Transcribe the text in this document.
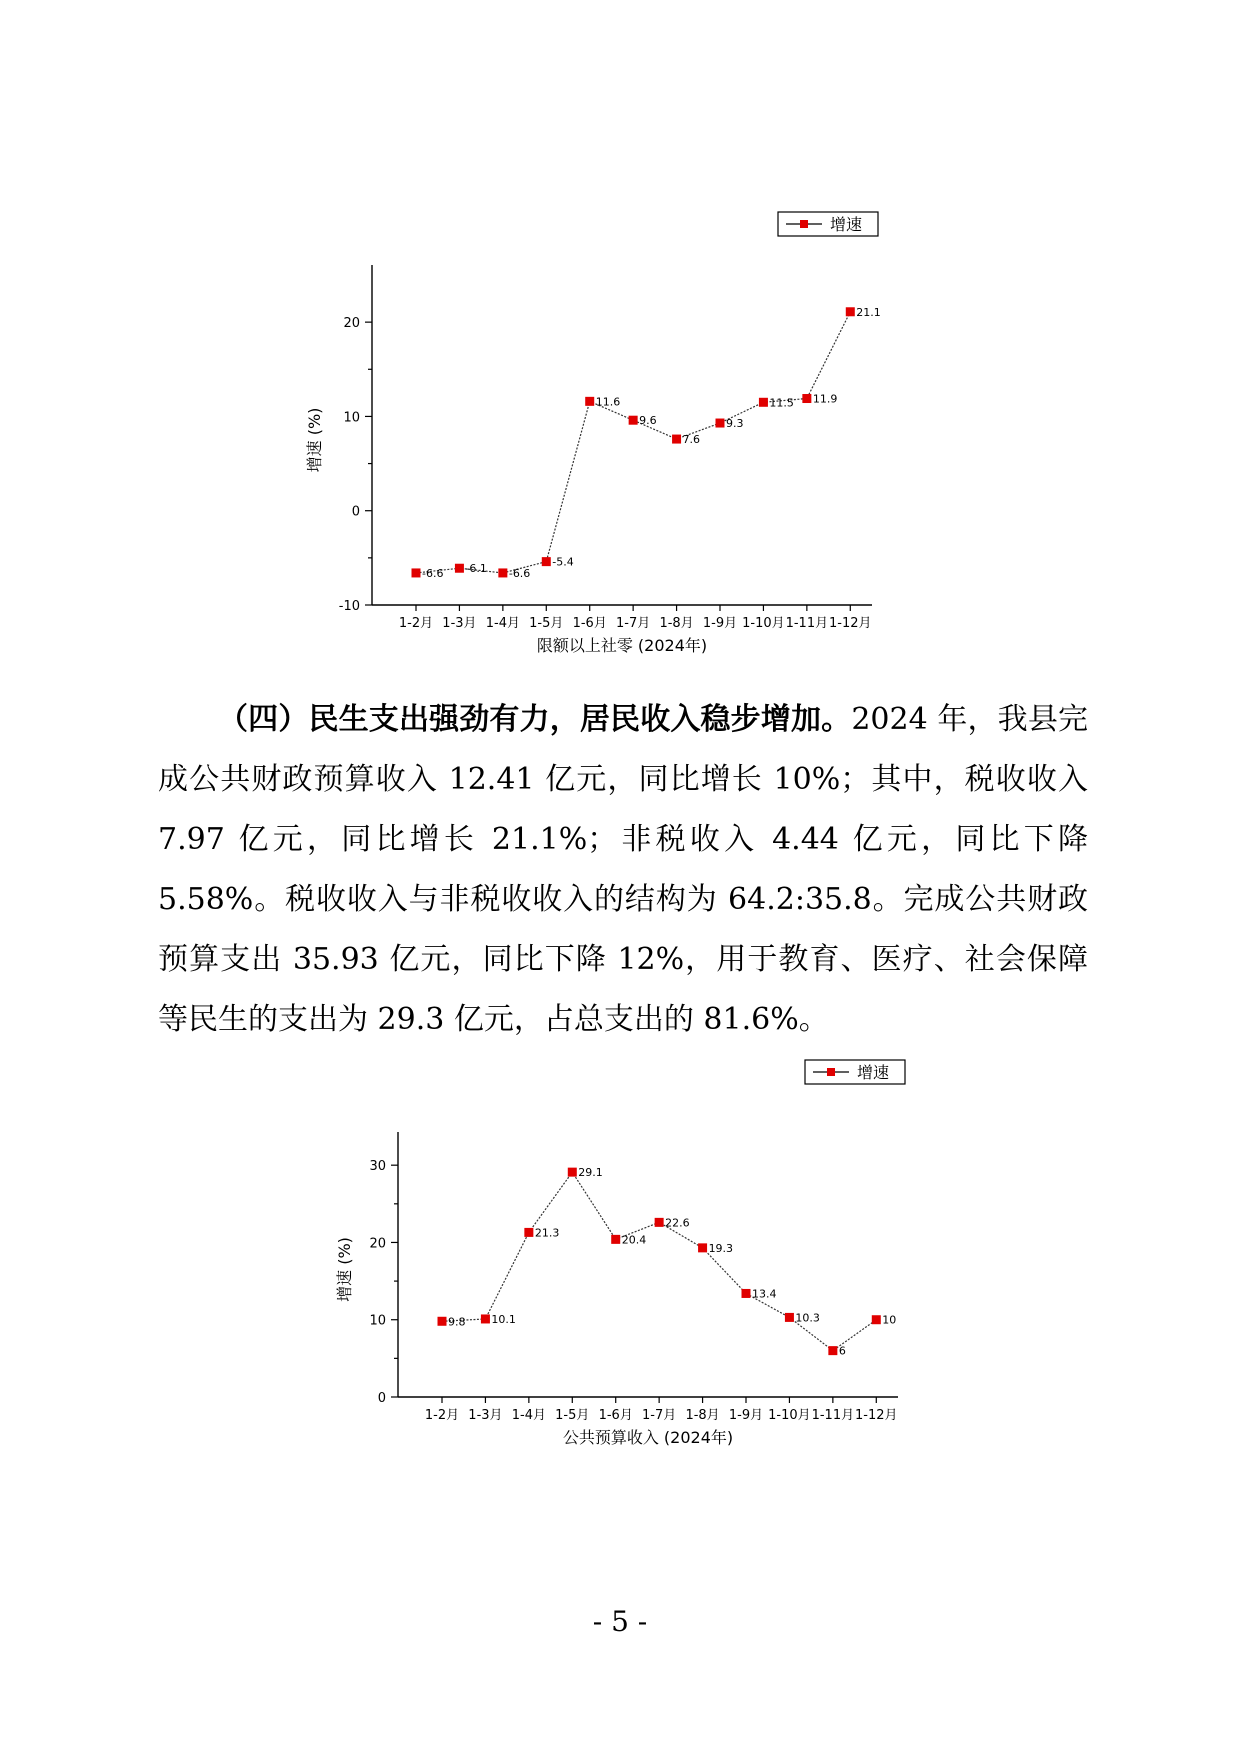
-10
0
10
20
1-2月 1-3月 1-4月 1-5月 1-6月 1-7月 1-8月 1-9月 1-10月 1-11月 1-12月
限额以上社零 (2024年)
增速 (%)
-6.6 -6.1 -6.6
-5.4
11.6
9.6
7.6
9.3
11.5 11.9
21.1
增速

（四）民生支出强劲有力，居民收入稳步增加。2024 年，我县完成公共财政预算收入 12.41 亿元，同比增长 10%；其中，税收收入 7.97 亿元，同比增长 21.1%；非税收入 4.44 亿元，同比下降 5.58%。税收收入与非税收收入的结构为 64.2:35.8。完成公共财政预算支出 35.93 亿元，同比下降 12%，用于教育、医疗、社会保障等民生的支出为 29.3 亿元，占总支出的 81.6%。

0
10
20
30
1-2月 1-3月 1-4月 1-5月 1-6月 1-7月 1-8月 1-9月 1-10月 1-11月 1-12月
公共预算收入 (2024年)
增速 (%)
9.8 10.1
21.3
29.1
20.4
22.6
19.3
13.4
10.3
6
10
增速
- 5 -
